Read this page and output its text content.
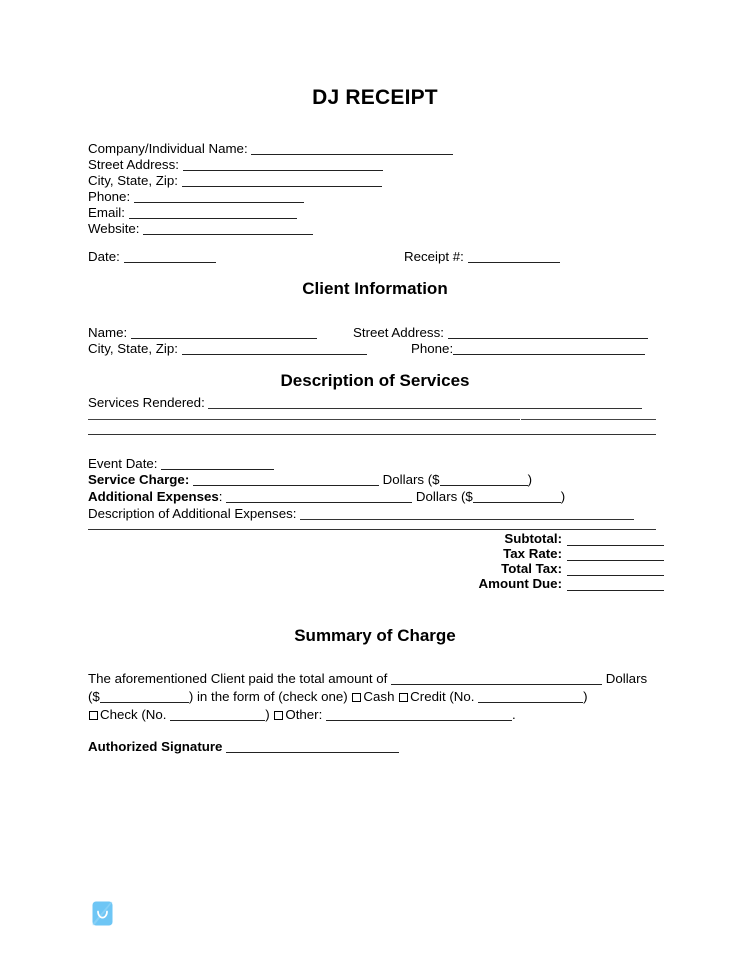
DJ RECEIPT
Company/Individual Name:
Street Address:
City, State, Zip:
Phone:
Email:
Website:
Date:	Receipt #:
Client Information
Name:	Street Address:
City, State, Zip:	Phone:
Description of Services
Services Rendered:
Event Date:
Service Charge:	Dollars ($	)
Additional Expenses:	Dollars ($	)
Description of Additional Expenses:
Subtotal:
Tax Rate:
Total Tax:
Amount Due:
Summary of Charge
The aforementioned Client paid the total amount of	Dollars
($	) in the form of (check one) Cash Credit (No.	)
Check (No.	) Other:	.
Authorized Signature
